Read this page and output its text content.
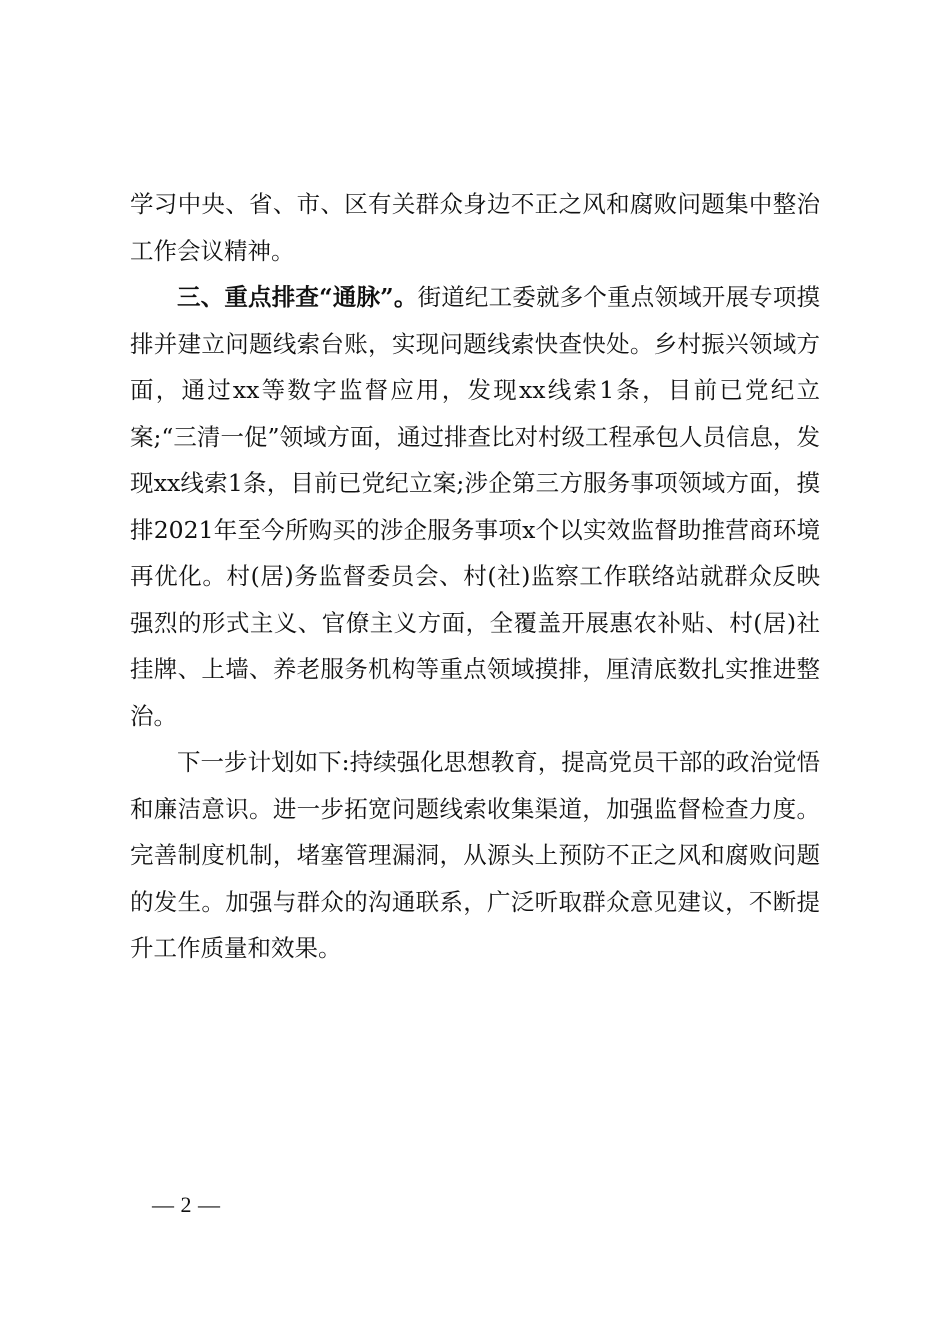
学习中央、省、市、区有关群众身边不正之风和腐败问题集中整治工作会议精神。

三、重点排查“通脉”。街道纪工委就多个重点领域开展专项摸排并建立问题线索台账，实现问题线索快查快处。乡村振兴领域方面，通过xx等数字监督应用，发现xx线索1条，目前已党纪立案;“三清一促”领域方面，通过排查比对村级工程承包人员信息，发现xx线索1条，目前已党纪立案;涉企第三方服务事项领域方面，摸排2021年至今所购买的涉企服务事项x个以实效监督助推营商环境再优化。村(居)务监督委员会、村(社)监察工作联络站就群众反映强烈的形式主义、官僚主义方面，全覆盖开展惠农补贴、村(居)社挂牌、上墙、养老服务机构等重点领域摸排，厘清底数扎实推进整治。

下一步计划如下:持续强化思想教育，提高党员干部的政治觉悟和廉洁意识。进一步拓宽问题线索收集渠道，加强监督检查力度。完善制度机制，堵塞管理漏洞，从源头上预防不正之风和腐败问题的发生。加强与群众的沟通联系，广泛听取群众意见建议，不断提升工作质量和效果。

— 2 —
